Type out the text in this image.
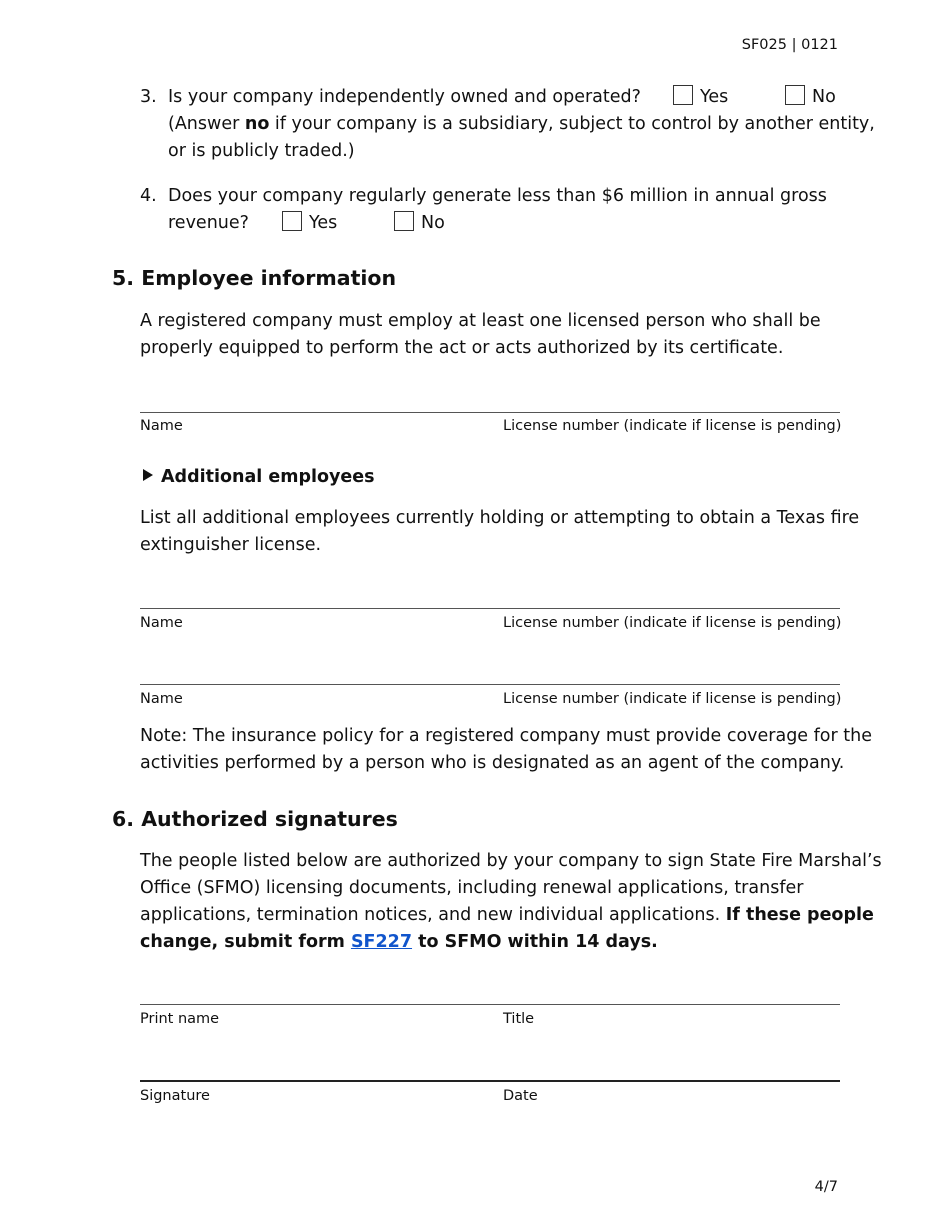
SF025 | 0121
3. Is your company independently owned and operated?	Yes	No
(Answer no if your company is a subsidiary, subject to control by another entity,
or is publicly traded.)
4. Does your company regularly generate less than $6 million in annual gross
revenue?	Yes	No
5. Employee information
A registered company must employ at least one licensed person who shall be
properly equipped to perform the act or acts authorized by its certificate.
Name	License number (indicate if license is pending)
Additional employees
List all additional employees currently holding or attempting to obtain a Texas fire
extinguisher license.
Name	License number (indicate if license is pending)
Name	License number (indicate if license is pending)
Note: The insurance policy for a registered company must provide coverage for the
activities performed by a person who is designated as an agent of the company.
6. Authorized signatures
The people listed below are authorized by your company to sign State Fire Marshal’s
Office (SFMO) licensing documents, including renewal applications, transfer
applications, termination notices, and new individual applications. If these people
change, submit form SF227 to SFMO within 14 days.
Print name	Title
Signature	Date
4/7
